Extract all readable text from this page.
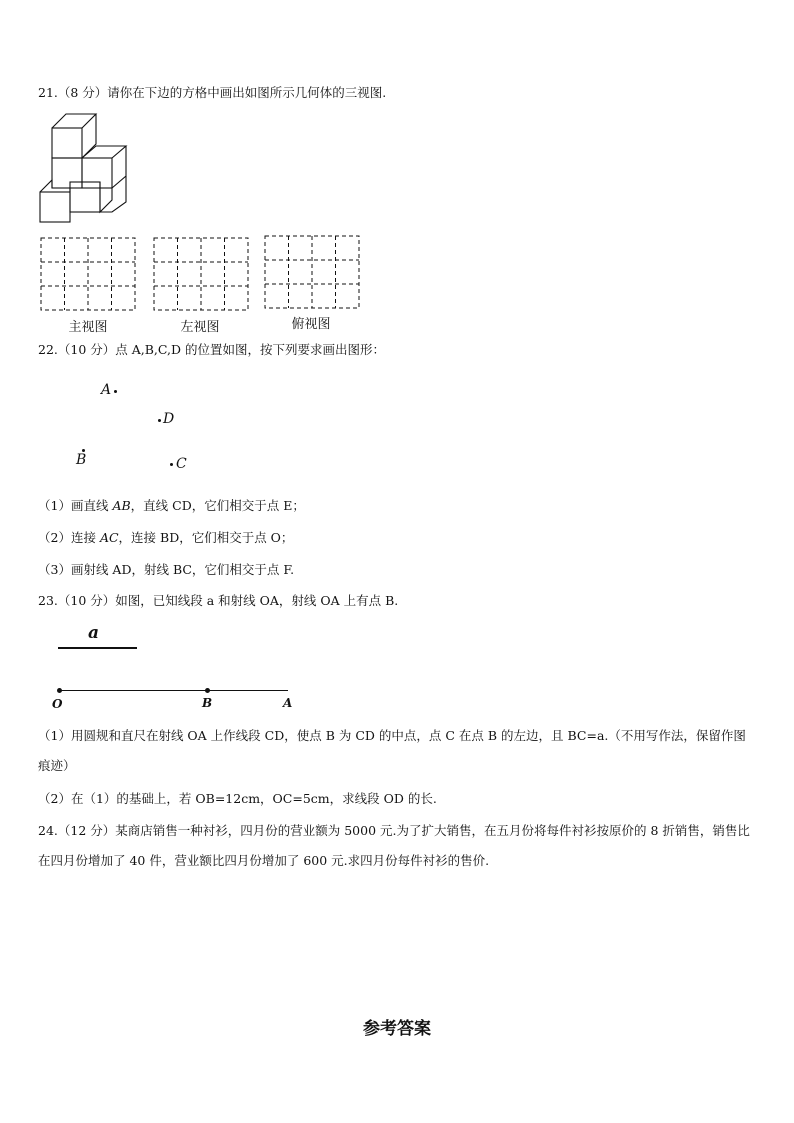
21.（8 分）请你在下边的方格中画出如图所示几何体的三视图.
主视图	左视图	俯视图
22.（10 分）点 A,B,C,D 的位置如图，按下列要求画出图形：
A
D
B	C
（1）画直线 AB，直线 CD，它们相交于点 E；
（2）连接 AC，连接 BD，它们相交于点 O；
（3）画射线 AD，射线 BC，它们相交于点 F.
23.（10 分）如图，已知线段 a 和射线 OA，射线 OA 上有点 B.
a
O	B	A
（1）用圆规和直尺在射线 OA 上作线段 CD，使点 B 为 CD 的中点，点 C 在点 B 的左边，且 BC=a.（不用写作法，保留作图痕迹）
（2）在（1）的基础上，若 OB=12cm，OC=5cm，求线段 OD 的长.
24.（12 分）某商店销售一种衬衫，四月份的营业额为 5000 元.为了扩大销售，在五月份将每件衬衫按原价的 8 折销售，销售比在四月份增加了 40 件，营业额比四月份增加了 600 元.求四月份每件衬衫的售价.
参考答案
